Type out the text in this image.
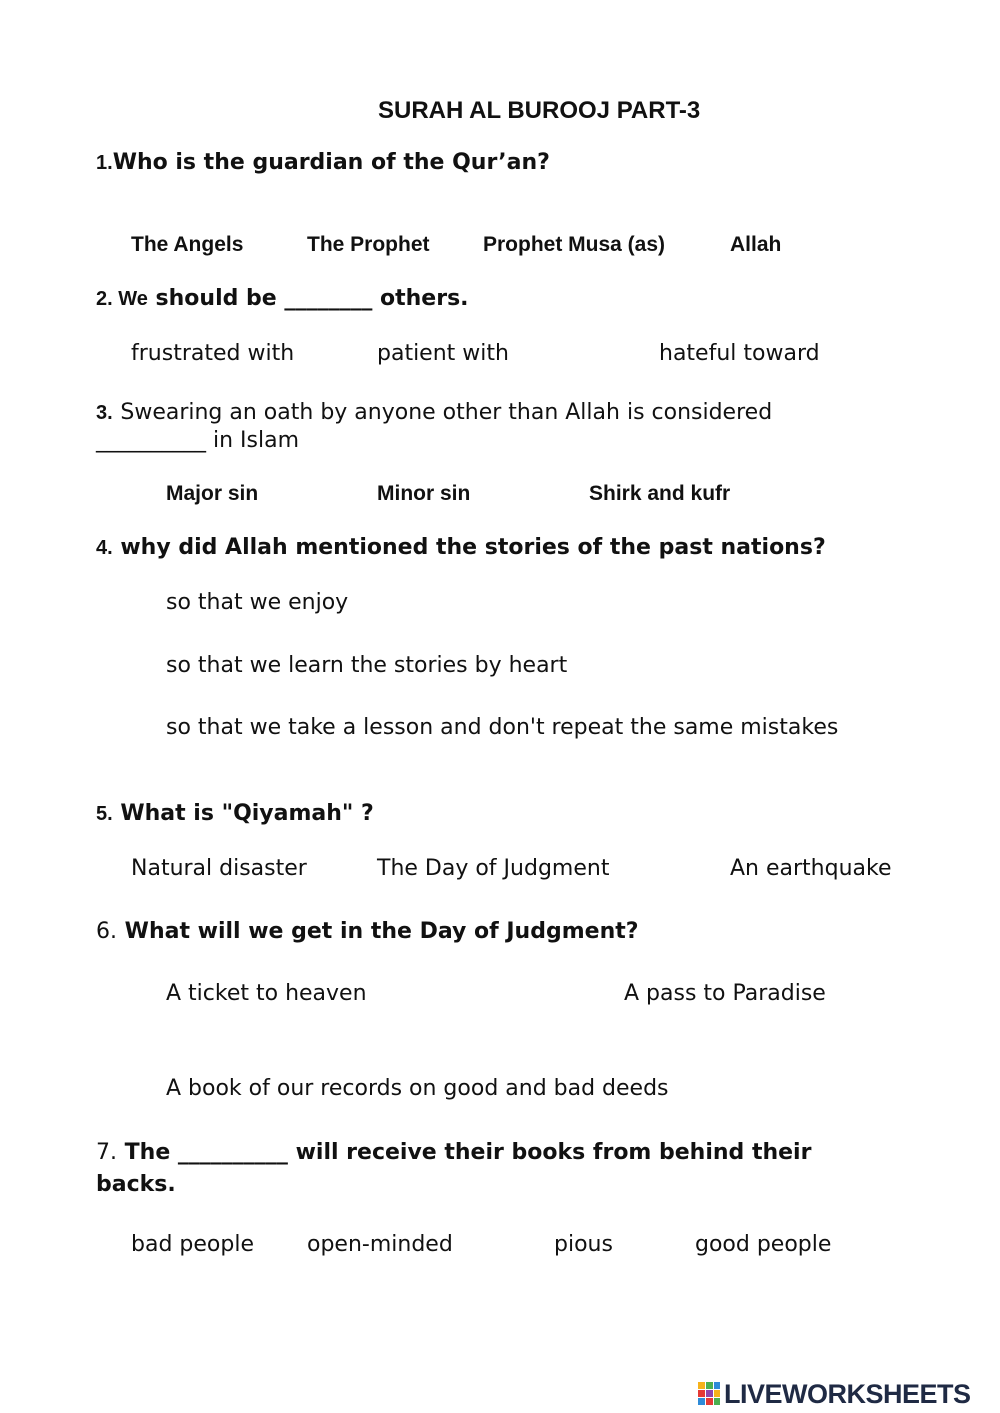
SURAH AL BUROOJ PART-3
1.Who is the guardian of the Qur’an?
The Angels	The Prophet	Prophet Musa (as)	Allah
2. We should be ________ others.
frustrated with	patient with	hateful toward
3. Swearing an oath by anyone other than Allah is considered __________ in Islam
Major sin	Minor sin	Shirk and kufr
4. why did Allah mentioned the stories of the past nations?
so that we enjoy
so that we learn the stories by heart
so that we take a lesson and don't repeat the same mistakes
5. What is "Qiyamah" ?
Natural disaster	The Day of Judgment	An earthquake
6. What will we get in the Day of Judgment?
A ticket to heaven	A pass to Paradise
A book of our records on good and bad deeds
7. The __________ will receive their books from behind their backs.
bad people open-minded	pious	good people
LIVEWORKSHEETS
